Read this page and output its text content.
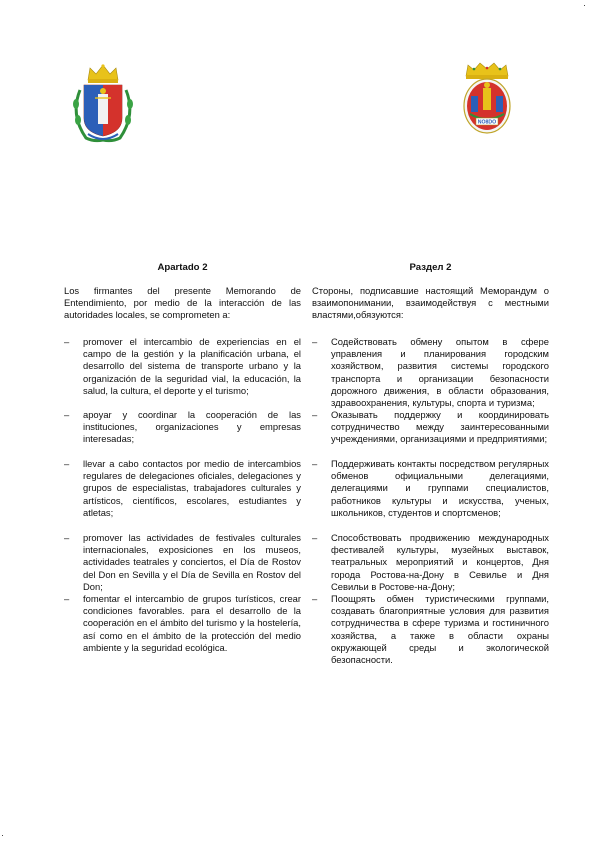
NO8DO
Apartado 2
Los firmantes del presente Memorando de Entendimiento, por medio de la interacción de las autoridades locales, se comprometen a:
–	promover el intercambio de experiencias en el campo de la gestión y la planificación urbana, el desarrollo del sistema de transporte urbano y la organización de la seguridad vial, la educación, la salud, la cultura, el deporte y el turismo;
–	apoyar y coordinar la cooperación de las instituciones, organizaciones y empresas interesadas;
–	llevar a cabo contactos por medio de intercambios regulares de delegaciones oficiales, delegaciones y grupos de especialistas, trabajadores culturales y artísticos, científicos, escolares, estudiantes y atletas;
–	promover las actividades de festivales culturales internacionales, exposiciones en los museos, actividades teatrales y conciertos, el Día de Rostov del Don en Sevilla y el Día de Sevilla en Rostov del Don;
–	fomentar el intercambio de grupos turísticos, crear condiciones favorables. para el desarrollo de la cooperación en el ámbito del turismo y la hostelería, así como en el ámbito de la protección del medio ambiente y la seguridad ecológica.
Раздел 2
Стороны, подписавшие настоящий Меморандум о взаимопонимании, взаимодействуя с местными властями,обязуются:
–	Содействовать обмену опытом в сфере управления и планирования городским хозяйством, развития системы городского транспорта и организации безопасности дорожного движения, в области образования, здравоохранения, культуры, спорта и туризма;
–	Оказывать поддержку и координировать сотрудничество между заинтересованными учреждениями, организациями и предприятиями;
–	Поддерживать контакты посредством регулярных обменов официальными делегациями, делегациями и группами специалистов, работников культуры и искусства, ученых, школьников, студентов и спортсменов;
–	Способствовать продвижению международных фестивалей культуры, музейных выставок, театральных мероприятий и концертов, Дня города Ростова-на-Дону в Севилье и Дня Севильи в Ростове-на-Дону;
–	Поощрять обмен туристическими группами, создавать благоприятные условия для развития сотрудничества в сфере туризма и гостиничного хозяйства, а также в области охраны окружающей среды и экологической безопасности.
